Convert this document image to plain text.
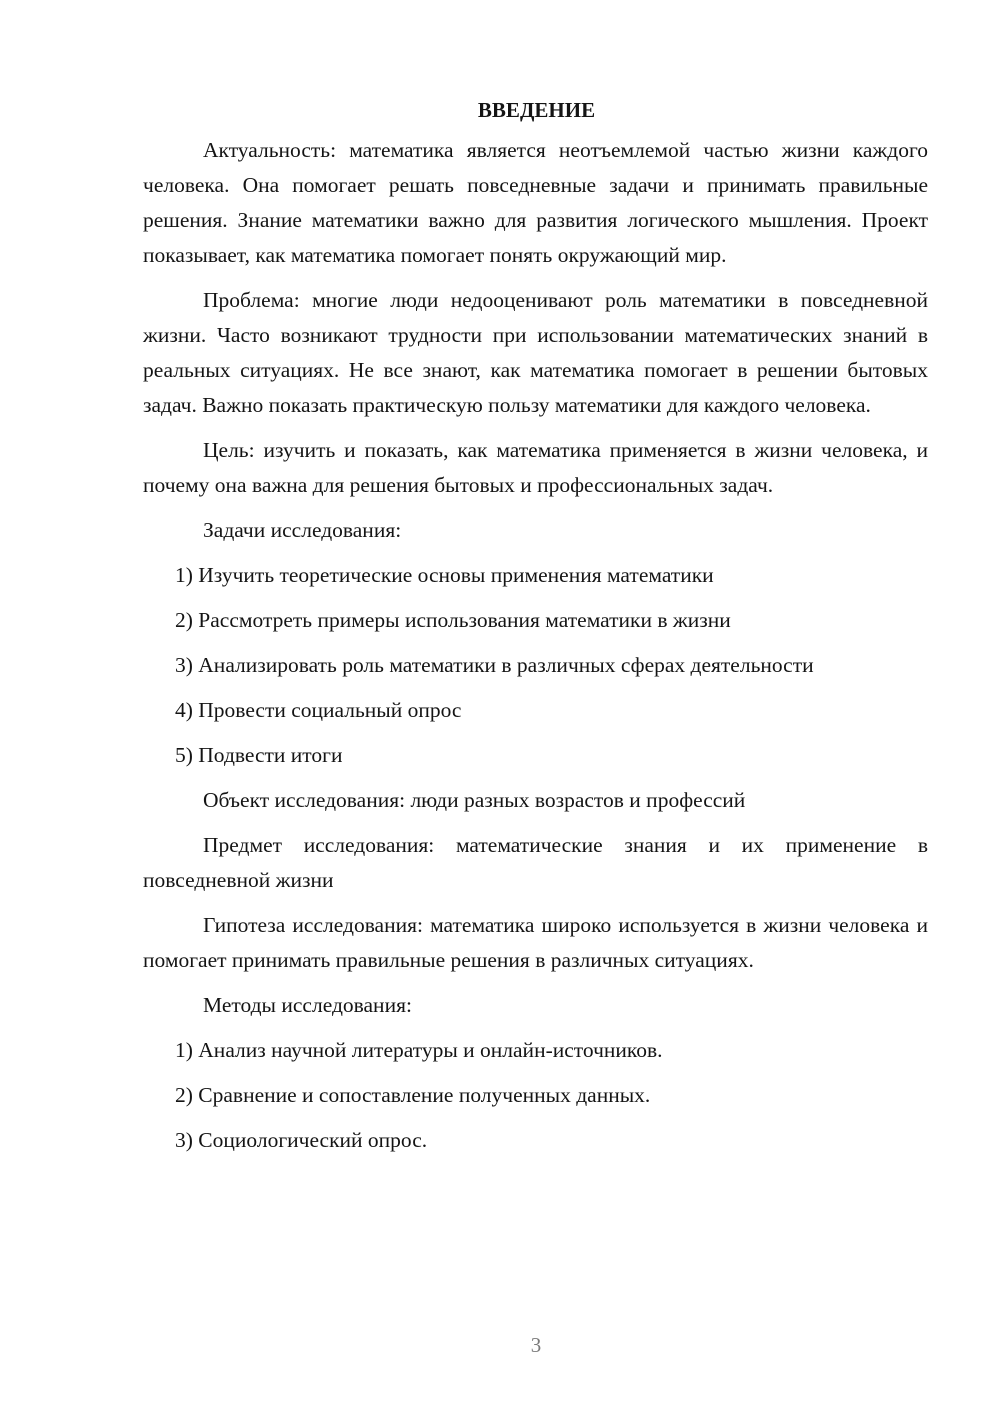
ВВЕДЕНИЕ
Актуальность: математика является неотъемлемой частью жизни каждого человека. Она помогает решать повседневные задачи и принимать правильные решения. Знание математики важно для развития логического мышления. Проект показывает, как математика помогает понять окружающий мир.
Проблема: многие люди недооценивают роль математики в повседневной жизни. Часто возникают трудности при использовании математических знаний в реальных ситуациях. Не все знают, как математика помогает в решении бытовых задач. Важно показать практическую пользу математики для каждого человека.
Цель: изучить и показать, как математика применяется в жизни человека, и почему она важна для решения бытовых и профессиональных задач.
Задачи исследования:
1) Изучить теоретические основы применения математики
2) Рассмотреть примеры использования математики в жизни
3) Анализировать роль математики в различных сферах деятельности
4) Провести социальный опрос
5) Подвести итоги
Объект исследования: люди разных возрастов и профессий
Предмет исследования: математические знания и их применение в повседневной жизни
Гипотеза исследования: математика широко используется в жизни человека и помогает принимать правильные решения в различных ситуациях.
Методы исследования:
1) Анализ научной литературы и онлайн-источников.
2) Сравнение и сопоставление полученных данных.
3) Социологический опрос.
3
